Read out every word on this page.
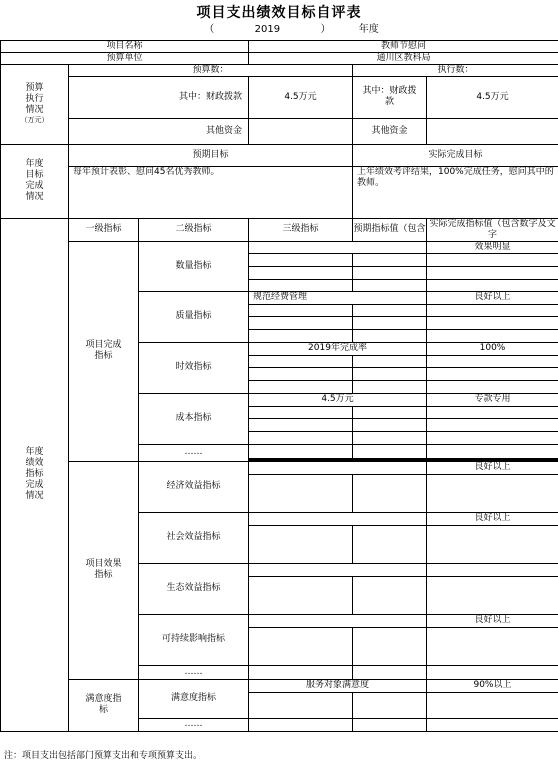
项目支出绩效目标自评表
（	2019	）	年度

项目名称			教师节慰问		
预算单位			通川区教科局		

预算执行情况
（万元）	预算数：			执行数：	
	其中：财政拨款		4.5万元	其中：财政拨款	4.5万元
	其他资金			其他资金	

年度目标完成情况	预期目标			实际完成目标	
	每年预计表彰、慰问45名优秀教师。			上年绩效考评结果，100%完成任务，慰问其中的教师。	

年度绩效指标完成情况	一级指标	二级指标	三级指标	预期指标值（包含	实际完成指标值（包含数字及文字

	项目完成指标	数量指标			效果明显

		质量指标	规范经费管理		良好以上

		时效指标	2019年完成率		100%

		成本指标	4.5万元		专款专用

		……			

	项目效果指标	经济效益指标			良好以上

		社会效益指标			良好以上

		生态效益指标			

		可持续影响指标			良好以上

		……			

	满意度指标	满意度指标	服务对象满意度		90%以上

		……			
注：项目支出包括部门预算支出和专项预算支出。
